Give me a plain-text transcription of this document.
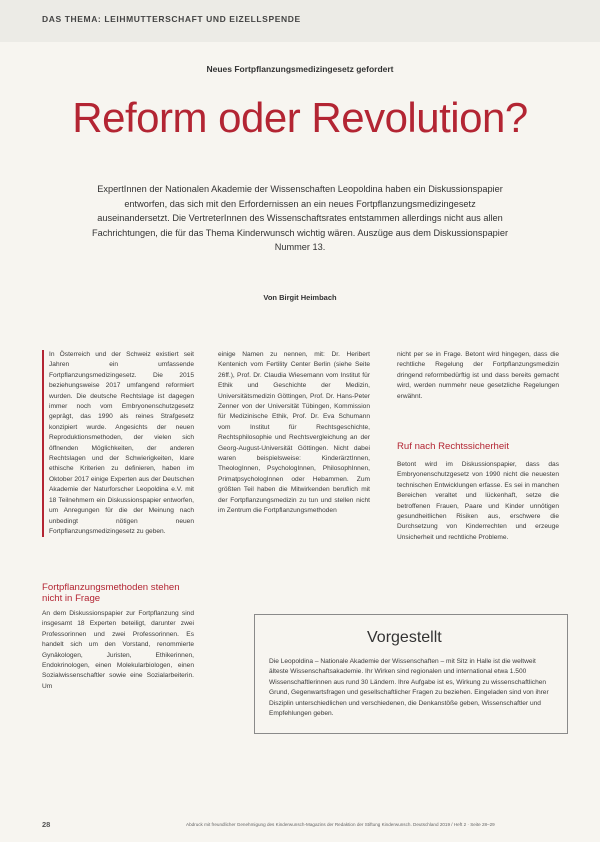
DAS THEMA: LEIHMUTTERSCHAFT UND EIZELLSPENDE
Neues Fortpflanzungsmedizingesetz gefordert
Reform oder Revolution?
ExpertInnen der Nationalen Akademie der Wissenschaften Leopoldina haben ein Diskussionspapier entworfen, das sich mit den Erfordernissen an ein neues Fortpflanzungsmedizingesetz auseinandersetzt. Die VertreterInnen des Wissenschaftsrates entstammen allerdings nicht aus allen Fachrichtungen, die für das Thema Kinderwunsch wichtig wären. Auszüge aus dem Diskussionspapier Nummer 13.
Von Birgit Heimbach
In Österreich und der Schweiz existiert seit Jahren ein umfassende Fortpflanzungsmedizingesetz. Die 2015 beziehungsweise 2017 umfangend reformiert wurden. Die deutsche Rechtslage ist dagegen immer noch vom Embryonenschutzgesetz geprägt, das 1990 als reines Strafgesetz konzipiert wurde. Angesichts der neuen Reproduktionsmethoden, der vielen sich öffnenden Möglichkeiten, der anderen Rechtslagen und der Schwierigkeiten, klare ethische Kriterien zu definieren, haben im Oktober 2017 einige Experten aus der Deutschen Akademie der Naturforscher Leopoldina e.V. mit 18 Teilnehmern ein Diskussionspapier entworfen, um Anregungen für die der Meinung nach unbedingt nötigen neuen Fortpflanzungsmedizingesetz zu geben.
einige Namen zu nennen, mit: Dr. Heribert Kentenich vom Fertility Center Berlin (siehe Seite 26ff.), Prof. Dr. Claudia Wiesemann vom Institut für Ethik und Geschichte der Medizin, Universitätsmedizin Göttingen, Prof. Dr. Hans-Peter Zenner von der Universität Tübingen, Kommission für Medizinische Ethik, Prof. Dr. Eva Schumann vom Institut für Rechtsgeschichte, Rechtsphilosophie und Rechtsvergleichung an der Georg-August-Universität Göttingen. Nicht dabei waren beispielsweise: KinderärztInnen, TheologInnen, PsychologInnen, PhilosophInnen, PrimatpsychologInnen oder Hebammen. Zum größten Teil haben die Mitwirkenden beruflich mit der Fortpflanzungsmedizin zu tun und stellen nicht im Zentrum die Fortpflanzungsmethoden
nicht per se in Frage. Betont wird hingegen, dass die rechtliche Regelung der Fortpflanzungsmedizin dringend reformbedürftig ist und dass bereits gemacht wird, werden nummehr neue gesetzliche Regelungen erwähnt.
Ruf nach Rechtssicherheit
Betont wird im Diskussionspapier, dass das Embryonenschutzgesetz von 1990 nicht die neuesten technischen Entwicklungen erfasse. Es sei in manchen Bereichen veraltet und lückenhaft, setze die betroffenen Frauen, Paare und Kinder unnötigen gesundheitlichen Risiken aus, erschwere die Durchsetzung von Kinderrechten und erzeuge Unsicherheit und rechtliche Probleme.
Fortpflanzungsmethoden stehen nicht in Frage
An dem Diskussionspapier zur Fortpflanzung sind insgesamt 18 Experten beteiligt, darunter zwei Professorinnen und zwei Professorinnen. Es handelt sich um den Vorstand, renommierte Gynäkologen, Juristen, Ethikerinnen, Endokrinologen, einen Molekularbiologen, einen Sozialwissenschaftler sowie eine Sozialarbeiterin. Um
Vorgestellt
Die Leopoldina – Nationale Akademie der Wissenschaften – mit Sitz in Halle ist die weltweit älteste Wissenschaftsakademie. Ihr Wirken sind regionalen und international etwa 1.500 Wissenschaftlerinnen aus rund 30 Ländern. Ihre Aufgabe ist es, Wirkung zu wissenschaftlichen Grund, Gegenwartsfragen und gesellschaftlicher Fragen zu beziehen. Eingeladen sind von ihrer Disziplin unterschiedlichen und verschiedenen, die Denkanstöße geben, Wissenschaftler und Empfehlungen geben.
28	Abdruck mit freundlicher Genehmigung des Kinderwunsch-Magazins der Redaktion der Stiftung Kinderwunsch. Deutschland 2019 / Heft 2 · Seite 28–29
